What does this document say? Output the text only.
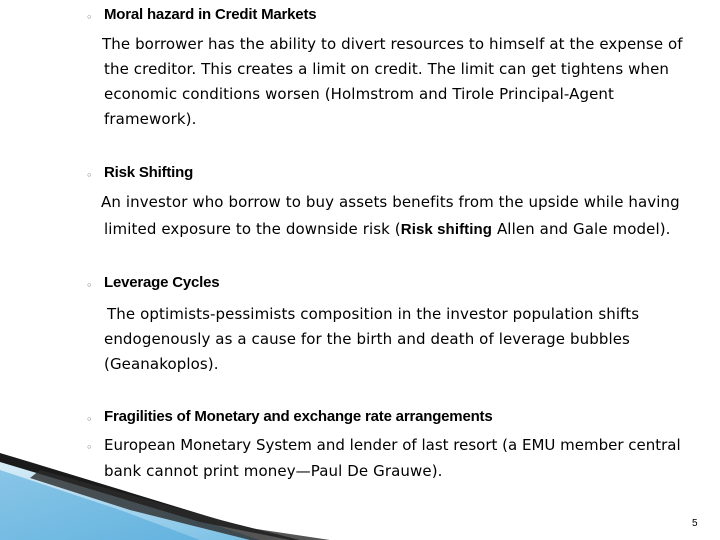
◦ Moral hazard in Credit Markets
The borrower has the ability to divert resources to himself at the expense of
the creditor. This creates a limit on credit. The limit can get tightens when
economic conditions worsen (Holmstrom and Tirole Principal-Agent
framework).
◦ Risk Shifting
An investor who borrow to buy assets benefits from the upside while having
limited exposure to the downside risk (Risk shifting Allen and Gale model).
◦ Leverage Cycles
The optimists-pessimists composition in the investor population shifts
endogenously as a cause for the birth and death of leverage bubbles
(Geanakoplos).
◦ Fragilities of Monetary and exchange rate arrangements
◦ European Monetary System and lender of last resort (a EMU member central
bank cannot print money—Paul De Grauwe).
5
